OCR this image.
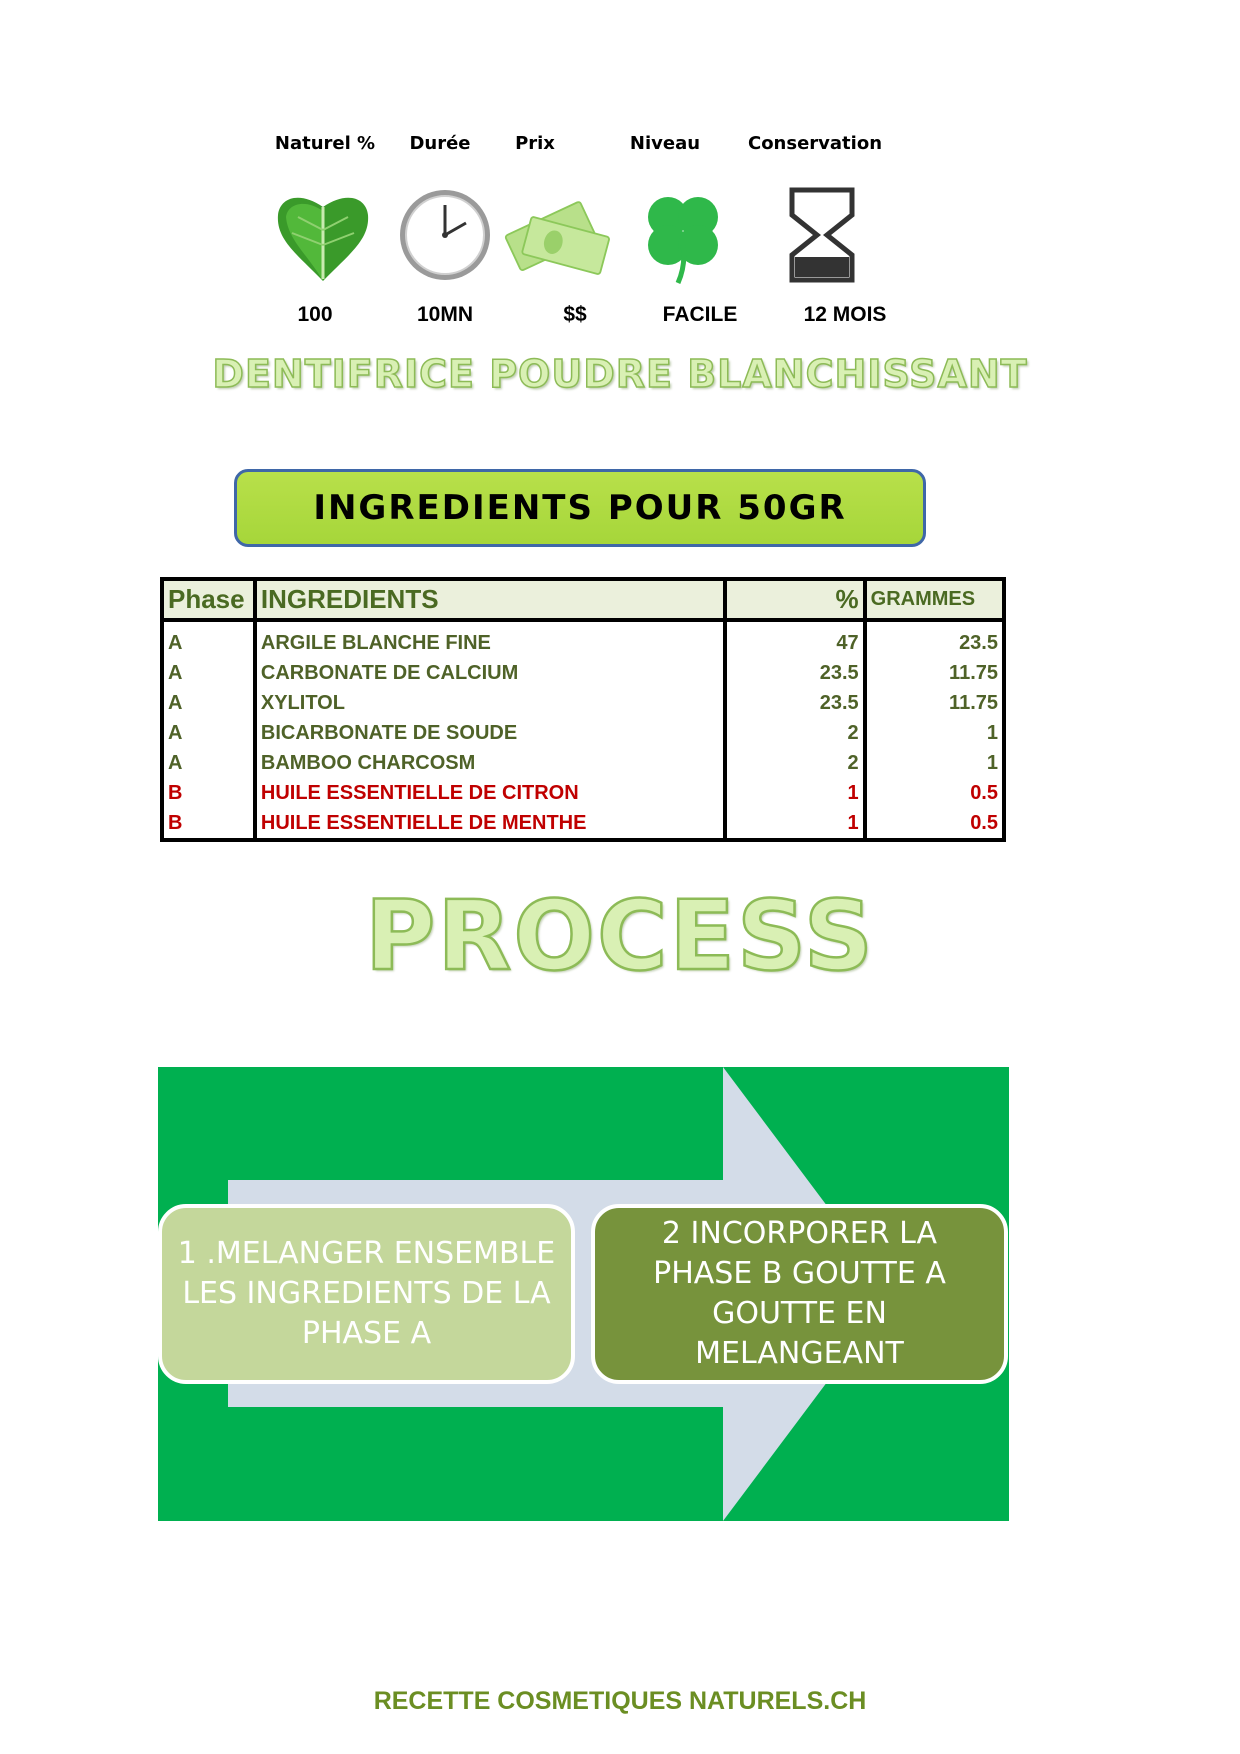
Naturel %	Durée	Prix	Niveau	Conservation
100	10MN	$$	FACILE	12 MOIS
DENTIFRICE POUDRE BLANCHISSANT
INGREDIENTS POUR 50GR
Phase	INGREDIENTS	%	GRAMMES
A	ARGILE BLANCHE FINE	47	23.5
A	CARBONATE DE CALCIUM	23.5	11.75
A	XYLITOL	23.5	11.75
A	BICARBONATE DE SOUDE	2	1
A	BAMBOO CHARCOSM	2	1
B	HUILE ESSENTIELLE DE CITRON	1	0.5
B	HUILE ESSENTIELLE DE MENTHE	1	0.5
PROCESS
1 .MELANGER ENSEMBLE LES INGREDIENTS DE LA PHASE A
2 INCORPORER LA PHASE B GOUTTE A GOUTTE EN MELANGEANT
RECETTE COSMETIQUES NATURELS.CH
